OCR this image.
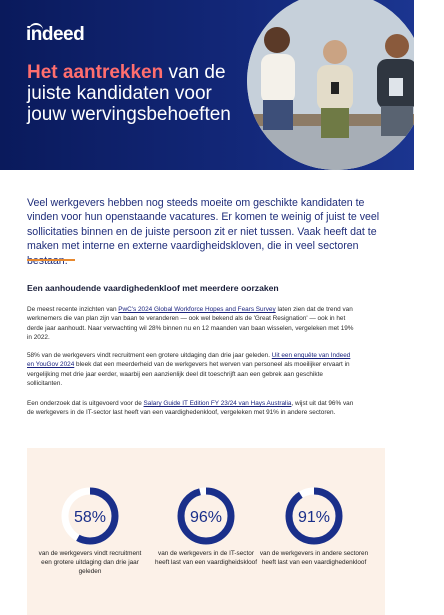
indeed
Het aantrekken van de juiste kandidaten voor jouw wervingsbehoeften

Veel werkgevers hebben nog steeds moeite om geschikte kandidaten te vinden voor hun openstaande vacatures. Er komen te weinig of juist te veel sollicitaties binnen en de juiste persoon zit er niet tussen. Vaak heeft dat te maken met interne en externe vaardigheidskloven, die in veel sectoren

Een aanhoudende vaardighedenkloof met meerdere oorzaken

De meest recente inzichten van PwC's 2024 Global Workforce Hopes and Fears Survey laten zien dat de trend van werknemers die van plan zijn van baan te veranderen — ook wel bekend als de 'Great Resignation' — ook in het derde jaar aanhoudt. Naar verwachting wil 28% binnen nu en 12 maanden van baan wisselen, vergeleken met 19% in 2022.

58% van de werkgevers vindt recruitment een grotere uitdaging dan drie jaar geleden. Uit een enquête van Indeed en YouGov 2024 bleek dat een meerderheid van de werkgevers het werven van personeel als moeilijker ervaart in vergelijking met drie jaar eerder, waarbij een aanzienlijk deel dit toeschrijft aan een gebrek aan geschikte sollicitanten.

Een onderzoek dat is uitgevoerd voor de Salary Guide IT Edition FY 23/24 van Hays Australia, wijst uit dat 96% van de werkgevers in de IT-sector last heeft van een vaardighedenkloof, vergeleken met 91% in andere sectoren.

58%
van de werkgevers vindt recruitment een grotere uitdaging dan drie jaar geleden
96%
van de werkgevers in de IT-sector heeft last van een vaardigheidskloof
91%
van de werkgevers in andere sectoren heeft last van een vaardighedenkloof
